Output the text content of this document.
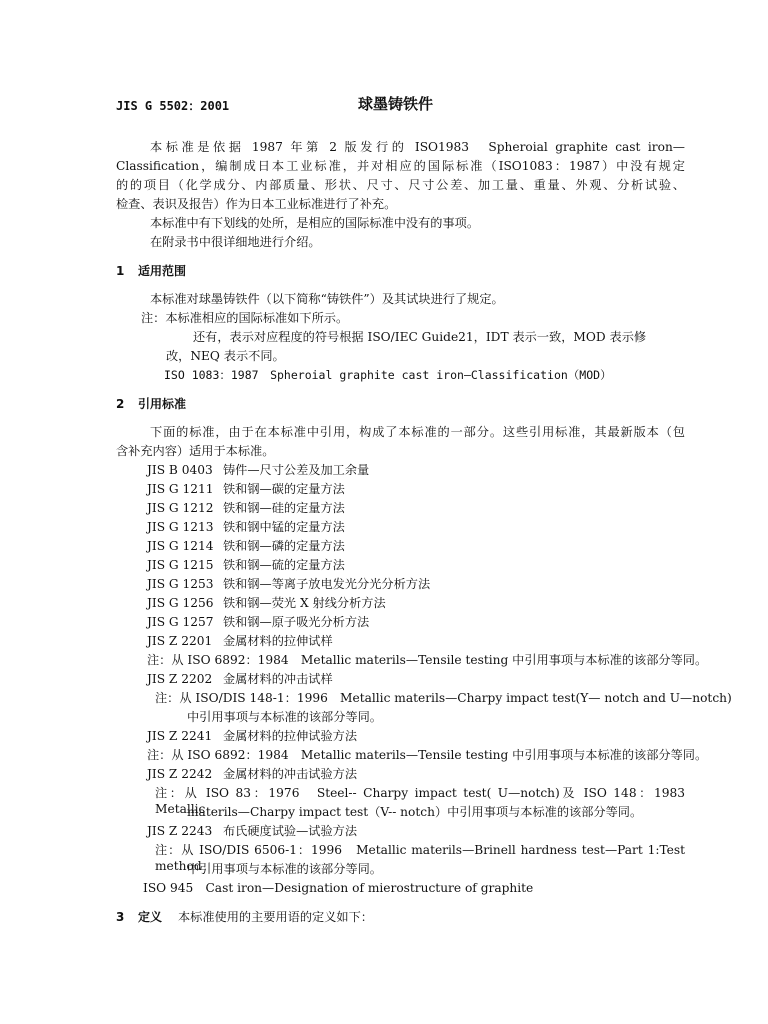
JIS G 5502：2001	球墨铸铁件
本标准是依据 1987 年第 2 版发行的 ISO1983　Spheroial graphite cast iron—
Classification，编制成日本工业标准，并对相应的国际标准（ISO1083：1987）中没有规定
的的项目（化学成分、内部质量、形状、尺寸、尺寸公差、加工量、重量、外观、分析试验、
检查、表识及报告）作为日本工业标准进行了补充。
本标准中有下划线的处所，是相应的国际标准中没有的事项。
在附录书中很详细地进行介绍。
1 适用范围
本标准对球墨铸铁件（以下简称“铸铁件”）及其试块进行了规定。
注：本标准相应的国际标准如下所示。
还有，表示对应程度的符号根据 ISO/IEC Guide21，IDT 表示一致，MOD 表示修
改，NEQ 表示不同。
ISO 1083：1987　Spheroial graphite cast iron—Classification（MOD）
2 引用标准
下面的标准，由于在本标准中引用，构成了本标准的一部分。这些引用标准，其最新版本（包
含补充内容）适用于本标准。
JIS B 0403 铸件—尺寸公差及加工余量
JIS G 1211 铁和钢—碳的定量方法
JIS G 1212 铁和钢—硅的定量方法
JIS G 1213 铁和钢中锰的定量方法
JIS G 1214 铁和钢—磷的定量方法
JIS G 1215 铁和钢—硫的定量方法
JIS G 1253 铁和钢—等离子放电发光分光分析方法
JIS G 1256 铁和钢—荧光 X 射线分析方法
JIS G 1257 铁和钢—原子吸光分析方法
JIS Z 2201 金属材料的拉伸试样
注：从 ISO 6892：1984　Metallic materils—Tensile testing 中引用事项与本标准的该部分等同。
JIS Z 2202 金属材料的冲击试样
注：从 ISO/DIS 148-1：1996　Metallic materils—Charpy impact test(Y— notch and U—notch)
中引用事项与本标准的该部分等同。
JIS Z 2241 金属材料的拉伸试验方法
注：从 ISO 6892：1984　Metallic materils—Tensile testing 中引用事项与本标准的该部分等同。
JIS Z 2242 金属材料的冲击试验方法
注：从 ISO 83：1976　Steel-- Charpy impact test( U—notch)及 ISO 148：1983　Metallic
materils—Charpy impact test（V-- notch）中引用事项与本标准的该部分等同。
JIS Z 2243 布氏硬度试验—试验方法
注：从 ISO/DIS 6506-1：1996　Metallic materils—Brinell hardness test—Part 1:Test method
中引用事项与本标准的该部分等同。
ISO 945　Cast iron—Designation of mierostructure of graphite
3 定义 本标准使用的主要用语的定义如下：
